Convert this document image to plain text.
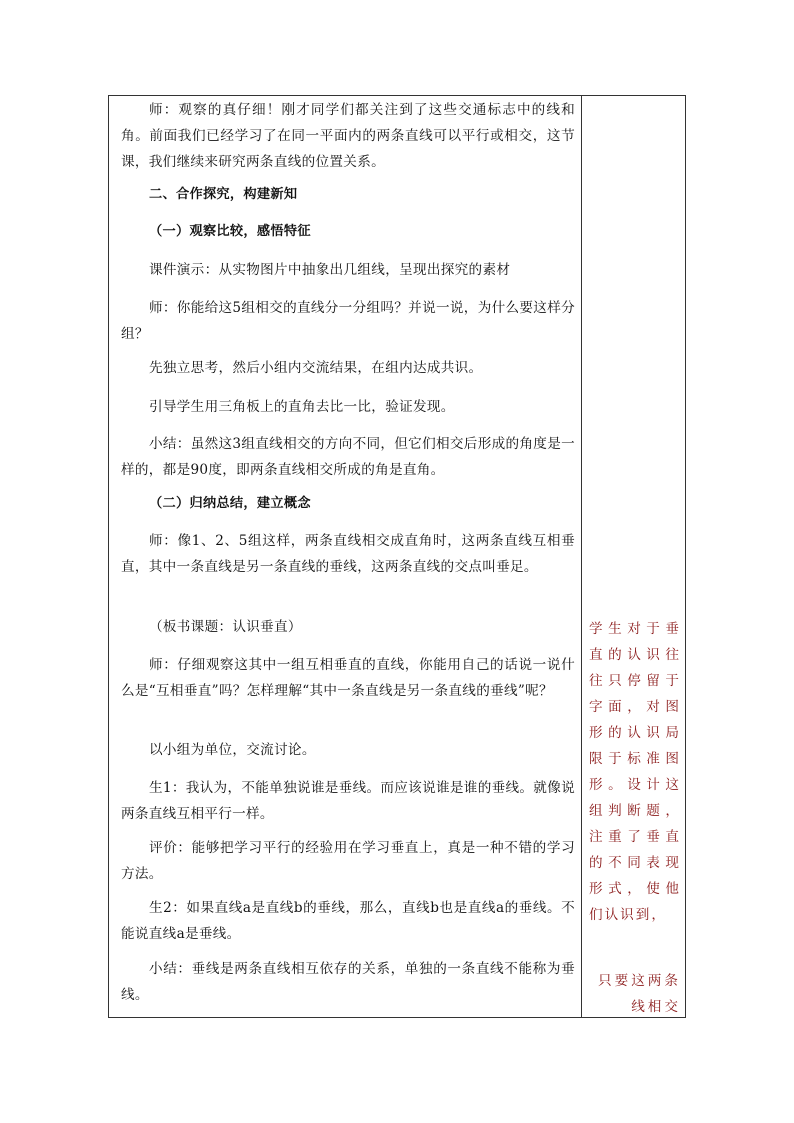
师：观察的真仔细！刚才同学们都关注到了这些交通标志中的线和角。前面我们已经学习了在同一平面内的两条直线可以平行或相交，这节课，我们继续来研究两条直线的位置关系。

二、合作探究，构建新知

（一）观察比较，感悟特征

课件演示：从实物图片中抽象出几组线，呈现出探究的素材

师：你能给这5组相交的直线分一分组吗？并说一说，为什么要这样分组？

先独立思考，然后小组内交流结果，在组内达成共识。

引导学生用三角板上的直角去比一比，验证发现。

小结：虽然这3组直线相交的方向不同，但它们相交后形成的角度是一样的，都是90度，即两条直线相交所成的角是直角。

（二）归纳总结，建立概念

师：像1、2、5组这样，两条直线相交成直角时，这两条直线互相垂直，其中一条直线是另一条直线的垂线，这两条直线的交点叫垂足。

（板书课题：认识垂直）

师：仔细观察这其中一组互相垂直的直线，你能用自己的话说一说什么是“互相垂直”吗？怎样理解“其中一条直线是另一条直线的垂线”呢？

以小组为单位，交流讨论。

生1：我认为，不能单独说谁是垂线。而应该说谁是谁的垂线。就像说两条直线互相平行一样。

评价：能够把学习平行的经验用在学习垂直上，真是一种不错的学习方法。

生2：如果直线a是直线b的垂线，那么，直线b也是直线a的垂线。不能说直线a是垂线。

小结：垂线是两条直线相互依存的关系，单独的一条直线不能称为垂线。

学生对于垂直的认识往往只停留于字面，对图形的认识局限于标准图形。设计这组判断题，注重了垂直的不同表现形式，使他们认识到，

只要这两条线相交
